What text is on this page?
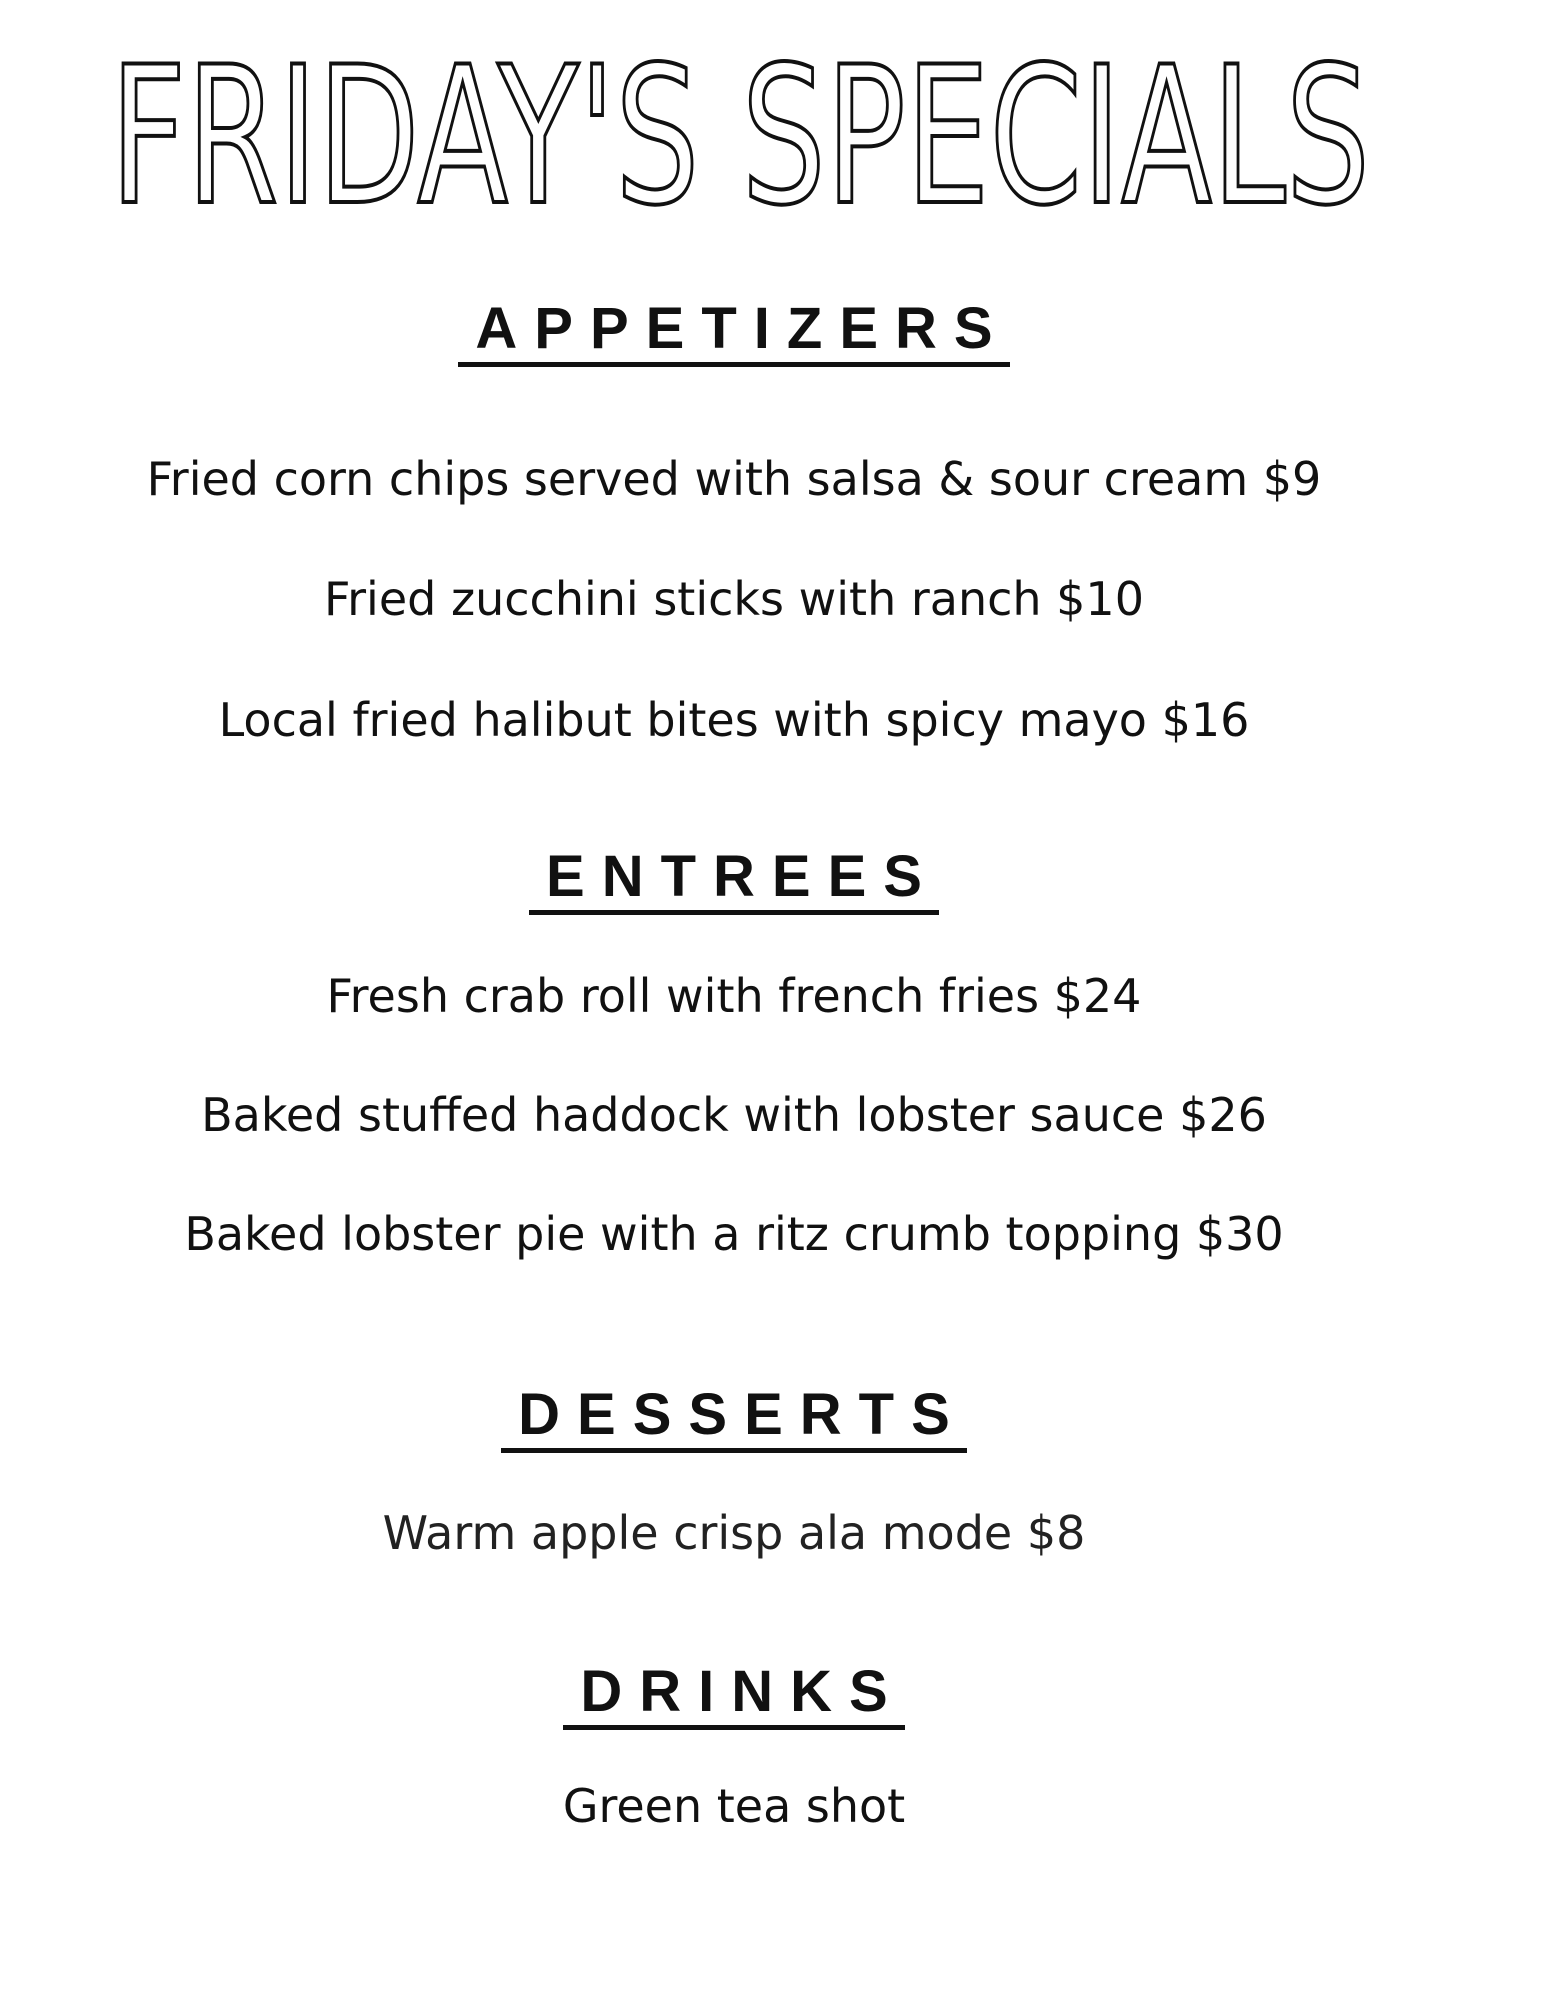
FRIDAY'S SPECIALS
APPETIZERS
Fried corn chips served with salsa & sour cream $9
Fried zucchini sticks with ranch $10
Local fried halibut bites with spicy mayo $16
ENTREES
Fresh crab roll with french fries $24
Baked stuffed haddock with lobster sauce $26
Baked lobster pie with a ritz crumb topping $30
DESSERTS
Warm apple crisp ala mode $8
DRINKS
Green tea shot
